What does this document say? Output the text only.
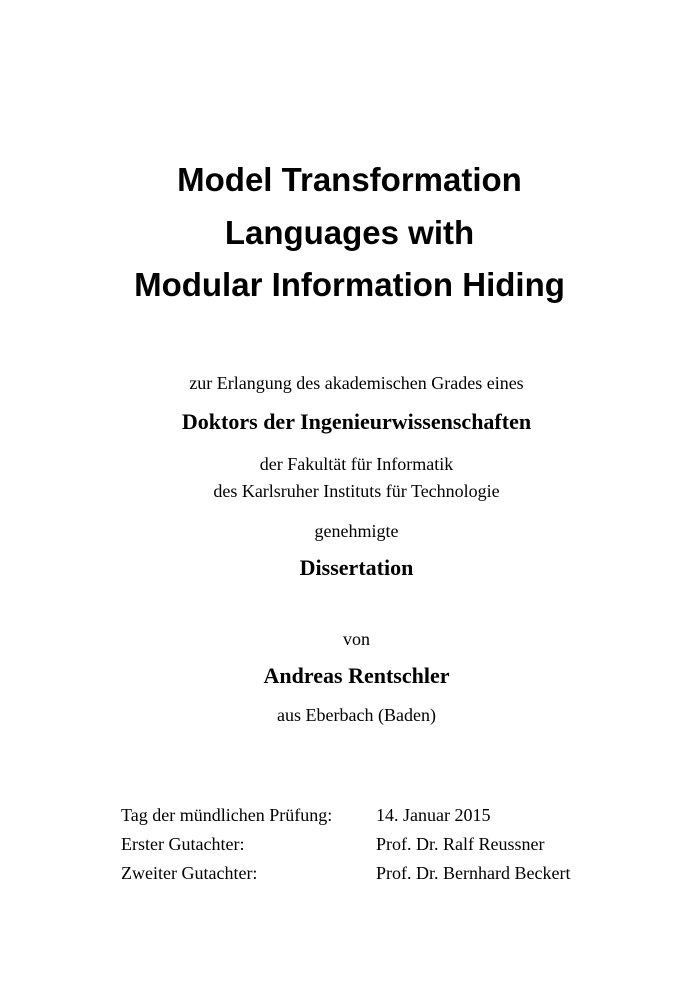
Model Transformation
Languages with
Modular Information Hiding

zur Erlangung des akademischen Grades eines

Doktors der Ingenieurwissenschaften

der Fakultät für Informatik

des Karlsruher Instituts für Technologie

genehmigte

Dissertation

von

Andreas Rentschler

aus Eberbach (Baden)

Tag der mündlichen Prüfung:	14. Januar 2015
Erster Gutachter:	Prof. Dr. Ralf Reussner
Zweiter Gutachter:	Prof. Dr. Bernhard Beckert
